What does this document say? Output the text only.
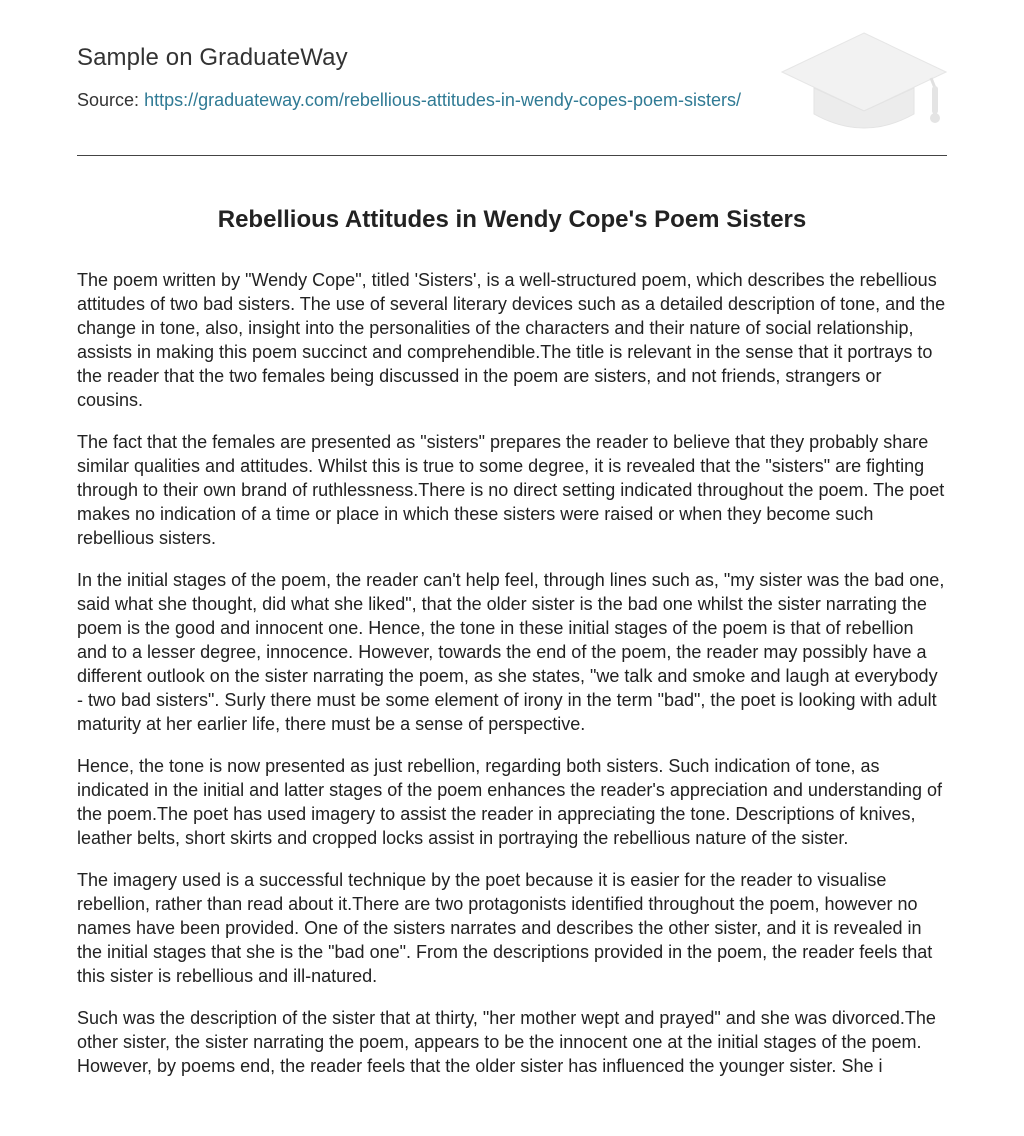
Sample on GraduateWay
Source: https://graduateway.com/rebellious-attitudes-in-wendy-copes-poem-sisters/
Rebellious Attitudes in Wendy Cope's Poem Sisters

The poem written by "Wendy Cope", titled 'Sisters', is a well-structured poem, which describes the rebellious attitudes of two bad sisters. The use of several literary devices such as a detailed description of tone, and the change in tone, also, insight into the personalities of the characters and their nature of social relationship, assists in making this poem succinct and comprehendible.The title is relevant in the sense that it portrays to the reader that the two females being discussed in the poem are sisters, and not friends, strangers or cousins.

The fact that the females are presented as "sisters" prepares the reader to believe that they probably share similar qualities and attitudes. Whilst this is true to some degree, it is revealed that the "sisters" are fighting through to their own brand of ruthlessness.There is no direct setting indicated throughout the poem. The poet makes no indication of a time or place in which these sisters were raised or when they become such rebellious sisters.

In the initial stages of the poem, the reader can't help feel, through lines such as, "my sister was the bad one, said what she thought, did what she liked", that the older sister is the bad one whilst the sister narrating the poem is the good and innocent one. Hence, the tone in these initial stages of the poem is that of rebellion and to a lesser degree, innocence. However, towards the end of the poem, the reader may possibly have a different outlook on the sister narrating the poem, as she states, "we talk and smoke and laugh at everybody - two bad sisters". Surly there must be some element of irony in the term "bad", the poet is looking with adult maturity at her earlier life, there must be a sense of perspective.

Hence, the tone is now presented as just rebellion, regarding both sisters. Such indication of tone, as indicated in the initial and latter stages of the poem enhances the reader's appreciation and understanding of the poem.The poet has used imagery to assist the reader in appreciating the tone. Descriptions of knives, leather belts, short skirts and cropped locks assist in portraying the rebellious nature of the sister.

The imagery used is a successful technique by the poet because it is easier for the reader to visualise rebellion, rather than read about it.There are two protagonists identified throughout the poem, however no names have been provided. One of the sisters narrates and describes the other sister, and it is revealed in the initial stages that she is the "bad one". From the descriptions provided in the poem, the reader feels that this sister is rebellious and ill-natured.

Such was the description of the sister that at thirty, "her mother wept and prayed" and she was divorced.The other sister, the sister narrating the poem, appears to be the innocent one at the initial stages of the poem. However, by poems end, the reader feels that the older sister has influenced the younger sister. She i
